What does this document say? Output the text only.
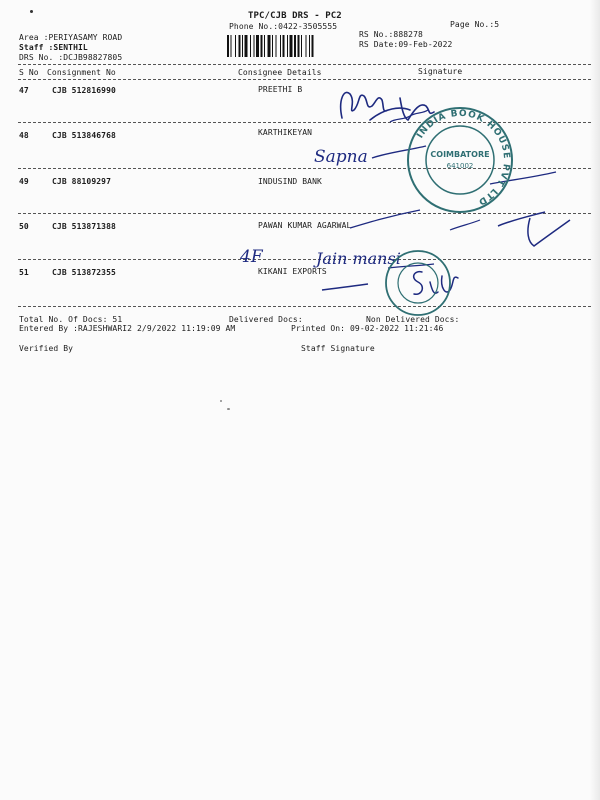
TPC/CJB DRS - PC2
Phone No.:0422-3505555	Page No.:5
RS No.:888278
RS Date:09-Feb-2022
Area :PERIYASAMY ROAD
Staff :SENTHIL
DRS No. :DCJB98827805
S No Consignment No	Consignee Details	Signature
47	CJB 512816990	PREETHI B
48	CJB 513846768	KARTHIKEYAN
49	CJB 88109297	INDUSIND BANK
50	CJB 513871388	PAWAN KUMAR AGARWAL
51	CJB 513872355	KIKANI EXPORTS
Sapna
4F	Jain mansi
INDIA BOOK HOUSE PVT LTD
COIMBATORE
641002
Total No. Of Docs: 51	Delivered Docs:	Non Delivered Docs:
Entered By :RAJESHWARI2 2/9/2022 11:19:09 AM	Printed On: 09-02-2022 11:21:46
Verified By	Staff Signature
